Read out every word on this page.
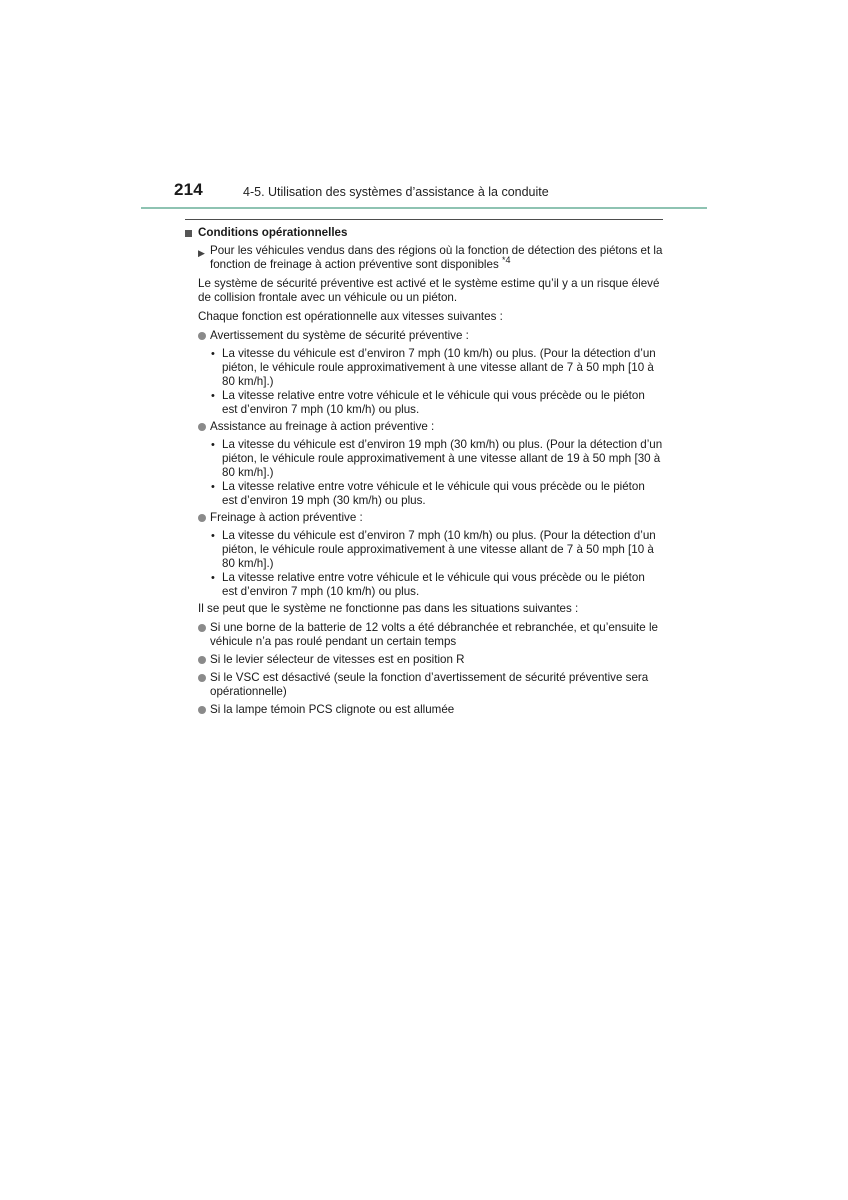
214	4-5. Utilisation des systèmes d’assistance à la conduite
Conditions opérationnelles
▶ Pour les véhicules vendus dans des régions où la fonction de détection des piétons et la fonction de freinage à action préventive sont disponibles $^{*4}$
Le système de sécurité préventive est activé et le système estime qu’il y a un risque élevé de collision frontale avec un véhicule ou un piéton.
Chaque fonction est opérationnelle aux vitesses suivantes :
Avertissement du système de sécurité préventive :
• La vitesse du véhicule est d’environ 7 mph (10 km/h) ou plus. (Pour la détection d’un piéton, le véhicule roule approximativement à une vitesse allant de 7 à 50 mph [10 à 80 km/h].)
• La vitesse relative entre votre véhicule et le véhicule qui vous précède ou le piéton est d’environ 7 mph (10 km/h) ou plus.
Assistance au freinage à action préventive :
• La vitesse du véhicule est d’environ 19 mph (30 km/h) ou plus. (Pour la détection d’un piéton, le véhicule roule approximativement à une vitesse allant de 19 à 50 mph [30 à 80 km/h].)
• La vitesse relative entre votre véhicule et le véhicule qui vous précède ou le piéton est d’environ 19 mph (30 km/h) ou plus.
Freinage à action préventive :
• La vitesse du véhicule est d’environ 7 mph (10 km/h) ou plus. (Pour la détection d’un piéton, le véhicule roule approximativement à une vitesse allant de 7 à 50 mph [10 à 80 km/h].)
• La vitesse relative entre votre véhicule et le véhicule qui vous précède ou le piéton est d’environ 7 mph (10 km/h) ou plus.
Il se peut que le système ne fonctionne pas dans les situations suivantes :
Si une borne de la batterie de 12 volts a été débranchée et rebranchée, et qu’ensuite le véhicule n’a pas roulé pendant un certain temps
Si le levier sélecteur de vitesses est en position R
Si le VSC est désactivé (seule la fonction d’avertissement de sécurité préventive sera opérationnelle)
Si la lampe témoin PCS clignote ou est allumée
